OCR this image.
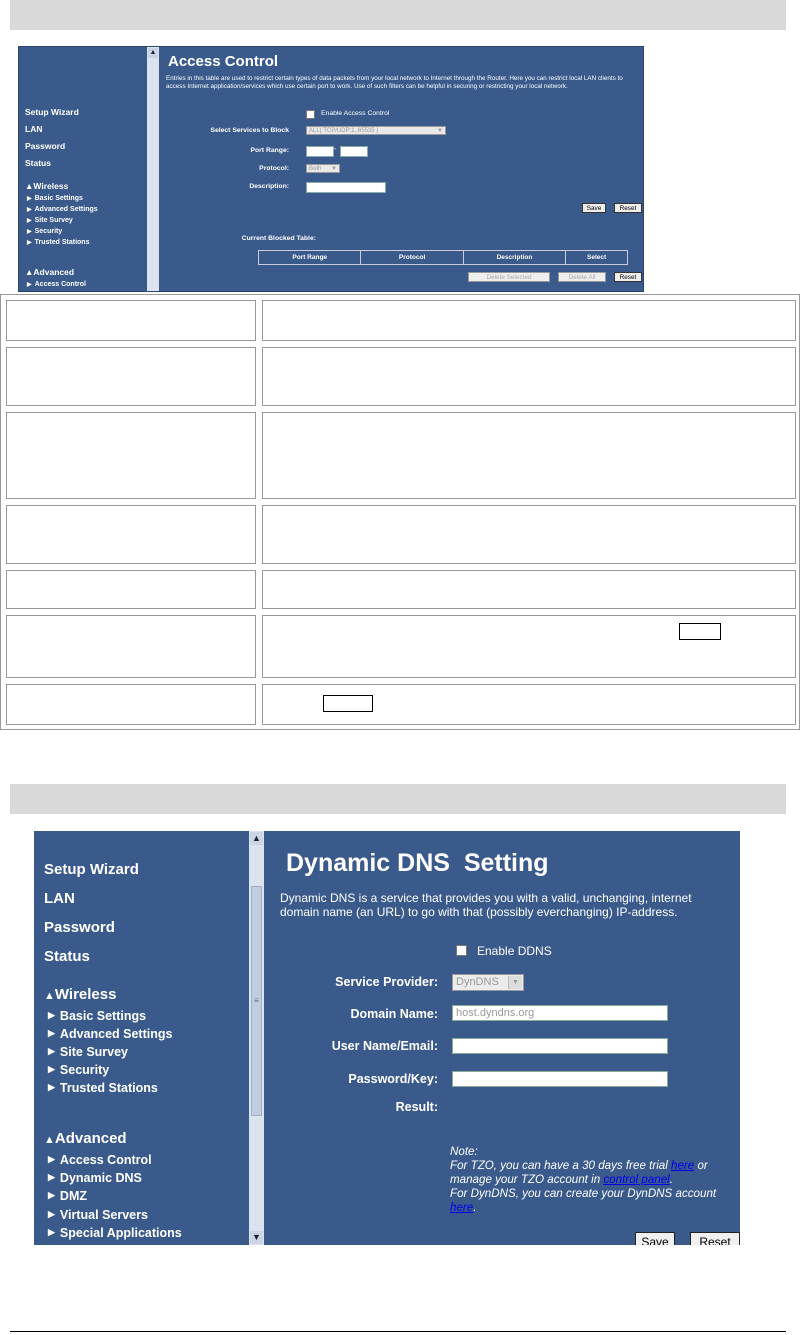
Setup Wizard
LAN
Password
Status
▲Wireless
▶ Basic Settings
▶ Advanced Settings
▶ Site Survey
▶ Security
▶ Trusted Stations
▲Advanced
▶ Access Control
▲
Access Control
Entries in this table are used to restrict certain types of data packets from your local network to Internet through the Router. Here you can restrict local LAN clients to access Internet application/services which use certain port to work. Use of such filters can be helpful in securing or restricting your local network.
Enable Access Control
Select Services to Block	ALL( TCP/UDP:1..65535 )	▼
Port Range:	-
Protocol:	Both ▼
Description:
Save	Reset
Current Blocked Table:
Port Range	Protocol	Description	Select
Delete Selected	Delete All	Reset
Setup Wizard
LAN
Password
Status
▲Wireless
▶ Basic Settings
▶ Advanced Settings
▶ Site Survey
▶ Security
▶ Trusted Stations
▲Advanced
▶ Access Control
▶ Dynamic DNS
▶ DMZ
▶ Virtual Servers
▶ Special Applications
▲
≡
▼
Dynamic DNS  Setting
Dynamic DNS is a service that provides you with a valid, unchanging, internet domain name (an URL) to go with that (possibly everchanging) IP-address.
Enable DDNS
Service Provider:	DynDNS	▼
Domain Name:	host.dyndns.org
User Name/Email:
Password/Key:
Result:
Note:
For TZO, you can have a 30 days free trial here or
manage your TZO account in control panel.
For DynDNS, you can create your DynDNS account
here.
Save	Reset
